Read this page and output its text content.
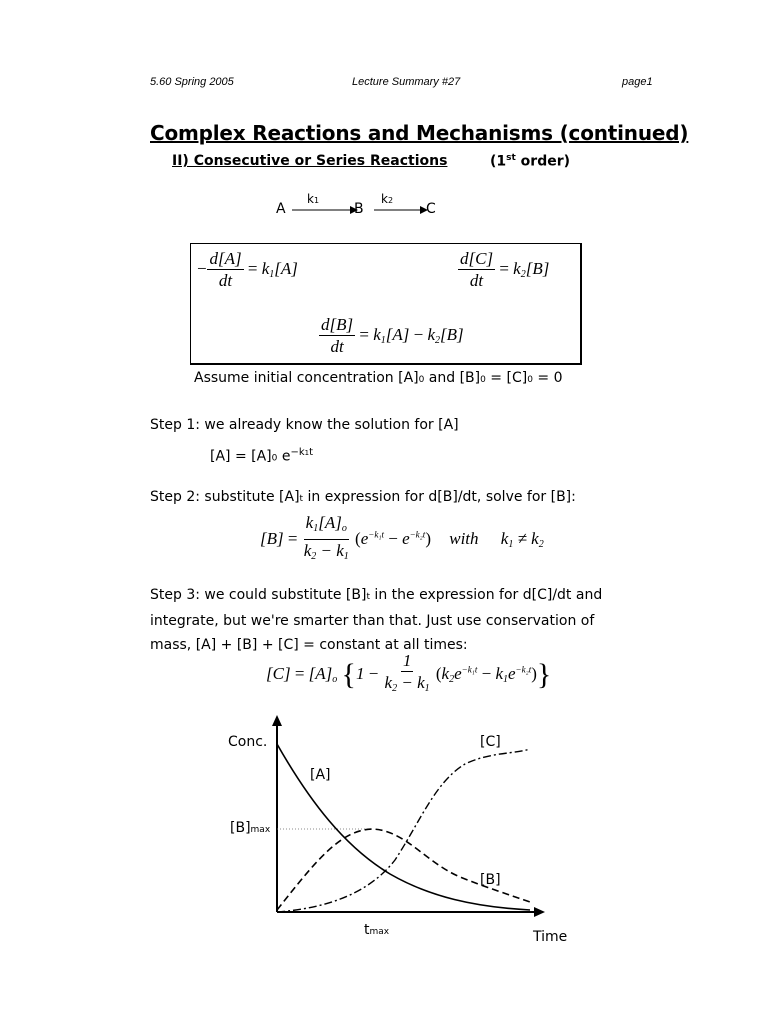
5.60 Spring 2005	Lecture Summary #27	page1
Complex Reactions and Mechanisms (continued)
II) Consecutive or Series Reactions	(1st order)
A
k1
B
k2
C
− $\frac{d[A]}{dt} = k_1[A]$	$\frac{d[C]}{dt} = k_2[B]$
$\frac{d[B]}{dt} = k_1[A] - k_2[B]$
Assume initial concentration [A]0 and [B]0 = [C]0 = 0
Step 1: we already know the solution for [A]
[A] = [A]0 $e^{-k1t}$
Step 2: substitute [A]t in expression for d[B]/dt, solve for [B]:
$[B] = \frac{k_1[A]_o}{k_2 - k_1} (e^{-k_1t} - e^{-k_2t})$ with $k_1 \ne k_2$
Step 3: we could substitute [B]t in the expression for d[C]/dt and
integrate, but we're smarter than that. Just use conservation of
mass, [A] + [B] + [C] = constant at all times:
$[C] = [A]_o$ $\{1 - \frac{1}{k_2 - k_1} (k_2e^{-k_1t} - k_1e^{-k_2t})\}$
Conc.
[A]
[C]
[B]
[B]max
tmax	Time
